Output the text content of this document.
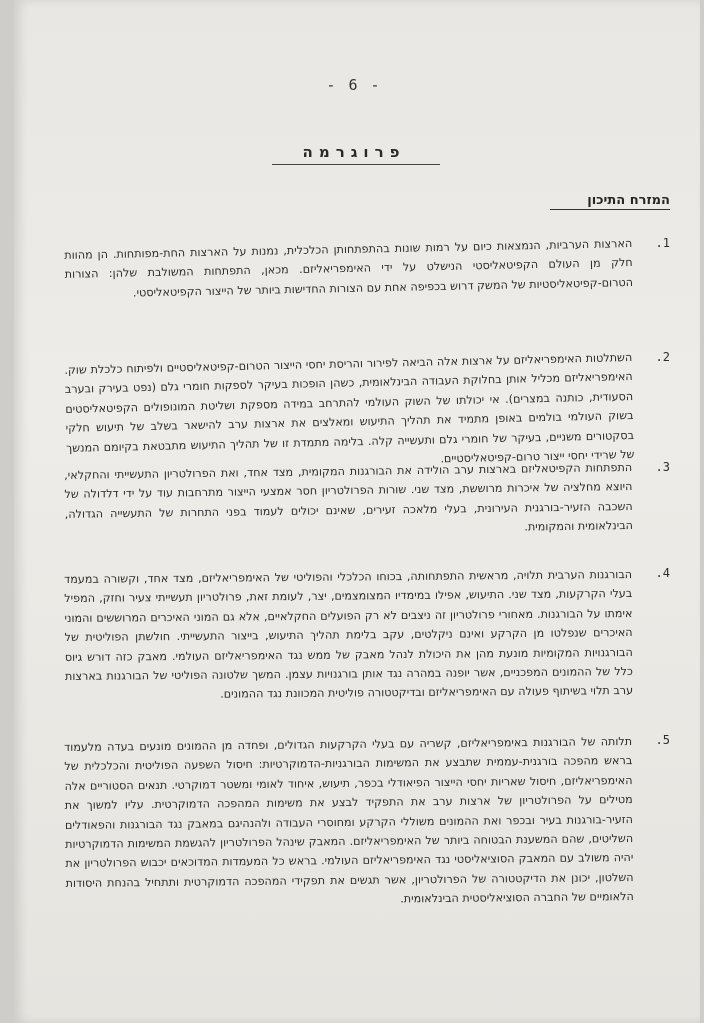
- 6 -
פרוגרמה
המזרח התיכון
.1
הארצות הערביות, הנמצאות כיום על רמות שונות בהתפתחותן הכלכלית, נמנות על הארצות החת-מפותחות. הן מהוות חלק מן העולם הקפיטאליסטי הנישלט על ידי האימפריאליזם. מכאן, התפתחות המשולבת שלהן: הצורות הטרום-קפיטאליסטיות של המשק דרוש בכפיפה אחת עם הצורות החדישות ביותר של הייצור הקפיטאליסטי.
.2
השתלטות האימפריאליזם על ארצות אלה הביאה לפירור והריסת יחסי הייצור הטרום-קפיטאליסטיים ולפיתוח כלכלת שוק. האימפריאליזם מכליל אותן בחלוקת העבודה הבינלאומית, כשהן הופכות בעיקר לספקות חומרי גלם (נפט בעירק ובערב הסעודית, כותנה במצרים). אי יכולתו של השוק העולמי להתרחב במידה מספקת ושליטת המונופולים הקפיטאליסטים בשוק העולמי בולמים באופן מתמיד את תהליך התיעוש ומאלצים את ארצות ערב להישאר בשלב של תיעוש חלקי בסקטורים משניים, בעיקר של חומרי גלם ותעשייה קלה. בלימה מתמדת זו של תהליך התיעוש מתבטאת בקיומם המנשך של שרידי יחסי ייצור טרום-קפיטאליסטיים.
.3
התפתחות הקפיטאליזם בארצות ערב הולידה את הבורגנות המקומית, מצד אחד, ואת הפרולטריון התעשייתי והחקלאי, היוצא מחלציה של איכרות מרוששת, מצד שני. שורות הפרולטריון חסר אמצעי הייצור מתרחבות עוד על ידי דלדולה של השכבה הזעיר-בורגנית העירונית, בעלי מלאכה זעירים, שאינם יכולים לעמוד בפני התחרות של התעשייה הגדולה, הבינלאומית והמקומית.
.4
הבורגנות הערבית תלויה, מראשית התפתחותה, בכוחו הכלכלי והפוליטי של האימפריאליזם, מצד אחד, וקשורה במעמד בעלי הקרקעות, מצד שני. התיעוש, אפילו במימדיו המצומצמים, יצר, לעומת זאת, פרולטריון תעשייתי צעיר וחזק, המפיל אימתו על הבורגנות. מאחורי פרולטריון זה ניצבים לא רק הפועלים החקלאיים, אלא גם המוני האיכרים המרוששים והמוני האיכרים שנפלטו מן הקרקע ואינם ניקלטים, עקב בלימת תהליך התיעוש, בייצור התעשייתי. חולשתן הפוליטית של הבורגנויות המקומיות מונעת מהן את היכולת לנהל מאבק של ממש נגד האימפריאליזם העולמי. מאבק כזה דורש גיוס כלל של ההמונים המפכניים, אשר יופנה במהרה נגד אותן בורגנויות עצמן. המשך שלטונה הפוליטי של הבורגנות בארצות ערב תלוי בשיתוף פעולה עם האימפריאליזם ובדיקטטורה פוליטית המכוונת נגד ההמונים.
.5
תלותה של הבורגנות באימפריאליזם, קשריה עם בעלי הקרקעות הגדולים, ופחדה מן ההמונים מונעים בעדה מלעמוד בראש מהפכה בורגנית-עממית שתבצע את המשימות הבורגניות-הדמוקרטיות: חיסול השפעה הפוליטית והכלכלית של האימפריאליזם, חיסול שאריות יחסי הייצור הפיאודלי בכפר, תיעוש, איחוד לאומי ומשטר דמוקרטי. תנאים הסטוריים אלה מטילים על הפרולטריון של ארצות ערב את התפקיד לבצע את משימות המהפכה הדמוקרטית. עליו למשוך את הזעיר-בורגנות בעיר ובכפר ואת ההמונים משוללי הקרקע ומחוסרי העבודה ולהנהיגם במאבק נגד הבורגנות והפאודלים השליטים, שהם המשענת הבטוחה ביותר של האימפריאליזם. המאבק שינהל הפרולטריון להגשמת המשימות הדמוקרטיות יהיה משולב עם המאבק הסוציאליסטי נגד האימפריאליזם העולמי. בראש כל המעמדות המדוכאים יכבוש הפרולטריון את השלטון, יכונן את הדיקטטורה של הפרולטריון, אשר תגשים את תפקידי המהפכה הדמוקרטית ותתחיל בהנחת היסודות הלאומיים של החברה הסוציאליסטית הבינלאומית.
